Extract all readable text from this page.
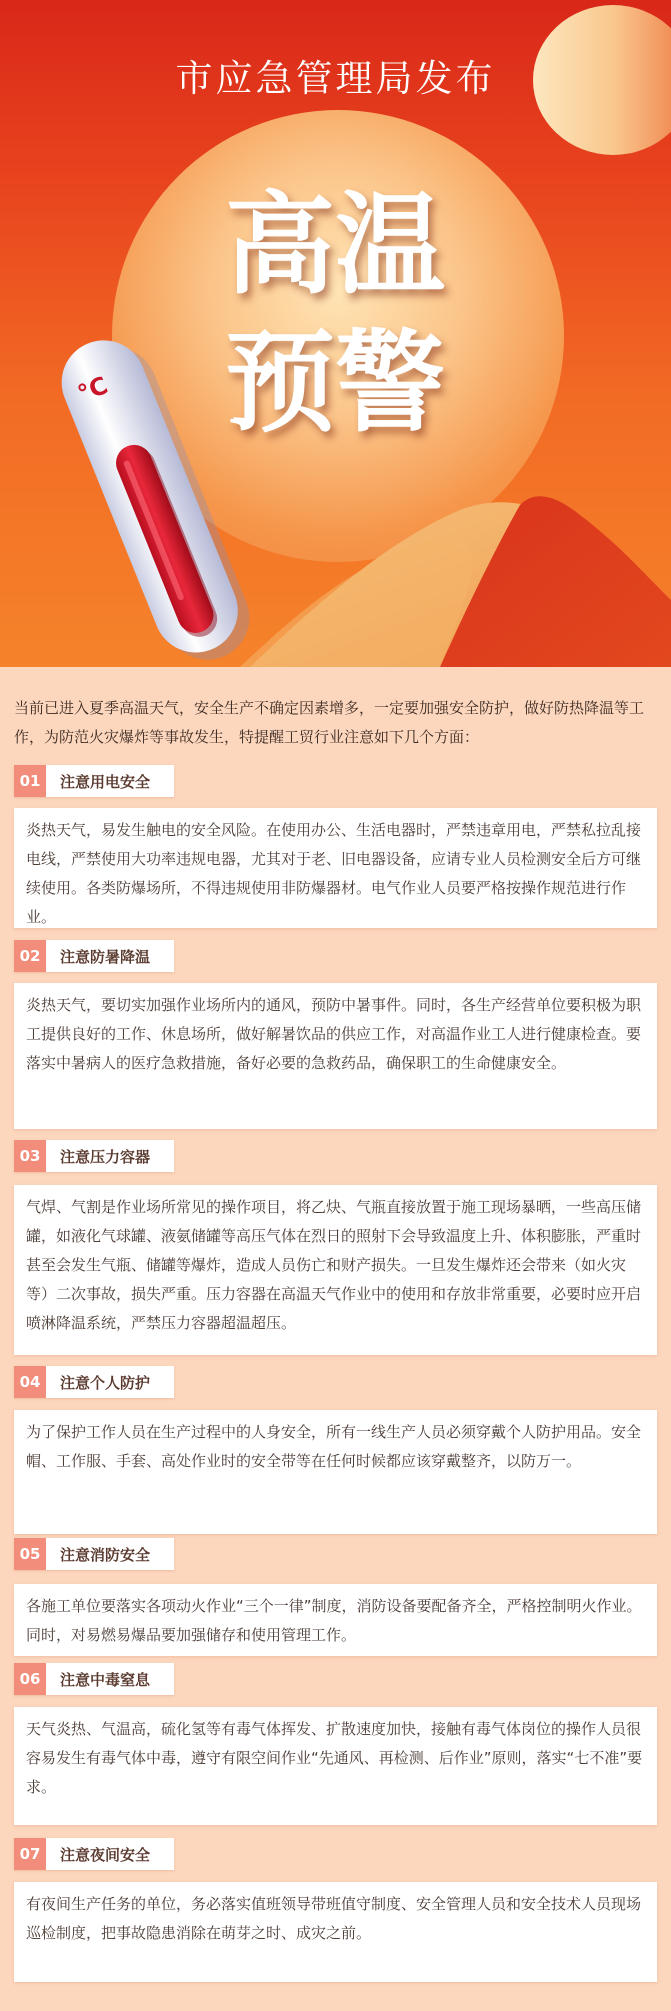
市应急管理局发布
高温
预警
°C
当前已进入夏季高温天气，安全生产不确定因素增多，一定要加强安全防护，做好防热降温等工作，为防范火灾爆炸等事故发生，特提醒工贸行业注意如下几个方面：
01	注意用电安全
炎热天气，易发生触电的安全风险。在使用办公、生活电器时，严禁违章用电，严禁私拉乱接电线，严禁使用大功率违规电器，尤其对于老、旧电器设备，应请专业人员检测安全后方可继续使用。各类防爆场所，不得违规使用非防爆器材。电气作业人员要严格按操作规范进行作业。
02	注意防暑降温
炎热天气，要切实加强作业场所内的通风，预防中暑事件。同时，各生产经营单位要积极为职工提供良好的工作、休息场所，做好解暑饮品的供应工作，对高温作业工人进行健康检查。要落实中暑病人的医疗急救措施，备好必要的急救药品，确保职工的生命健康安全。
03	注意压力容器
气焊、气割是作业场所常见的操作项目，将乙炔、气瓶直接放置于施工现场暴晒，一些高压储罐，如液化气球罐、液氨储罐等高压气体在烈日的照射下会导致温度上升、体积膨胀，严重时甚至会发生气瓶、储罐等爆炸，造成人员伤亡和财产损失。一旦发生爆炸还会带来（如火灾等）二次事故，损失严重。压力容器在高温天气作业中的使用和存放非常重要，必要时应开启喷淋降温系统，严禁压力容器超温超压。
04	注意个人防护
为了保护工作人员在生产过程中的人身安全，所有一线生产人员必须穿戴个人防护用品。安全帽、工作服、手套、高处作业时的安全带等在任何时候都应该穿戴整齐，以防万一。
05	注意消防安全
各施工单位要落实各项动火作业“三个一律”制度，消防设备要配备齐全，严格控制明火作业。同时，对易燃易爆品要加强储存和使用管理工作。
06	注意中毒窒息
天气炎热、气温高，硫化氢等有毒气体挥发、扩散速度加快，接触有毒气体岗位的操作人员很容易发生有毒气体中毒，遵守有限空间作业“先通风、再检测、后作业”原则，落实“七不准”要求。
07	注意夜间安全
有夜间生产任务的单位，务必落实值班领导带班值守制度、安全管理人员和安全技术人员现场巡检制度，把事故隐患消除在萌芽之时、成灾之前。
